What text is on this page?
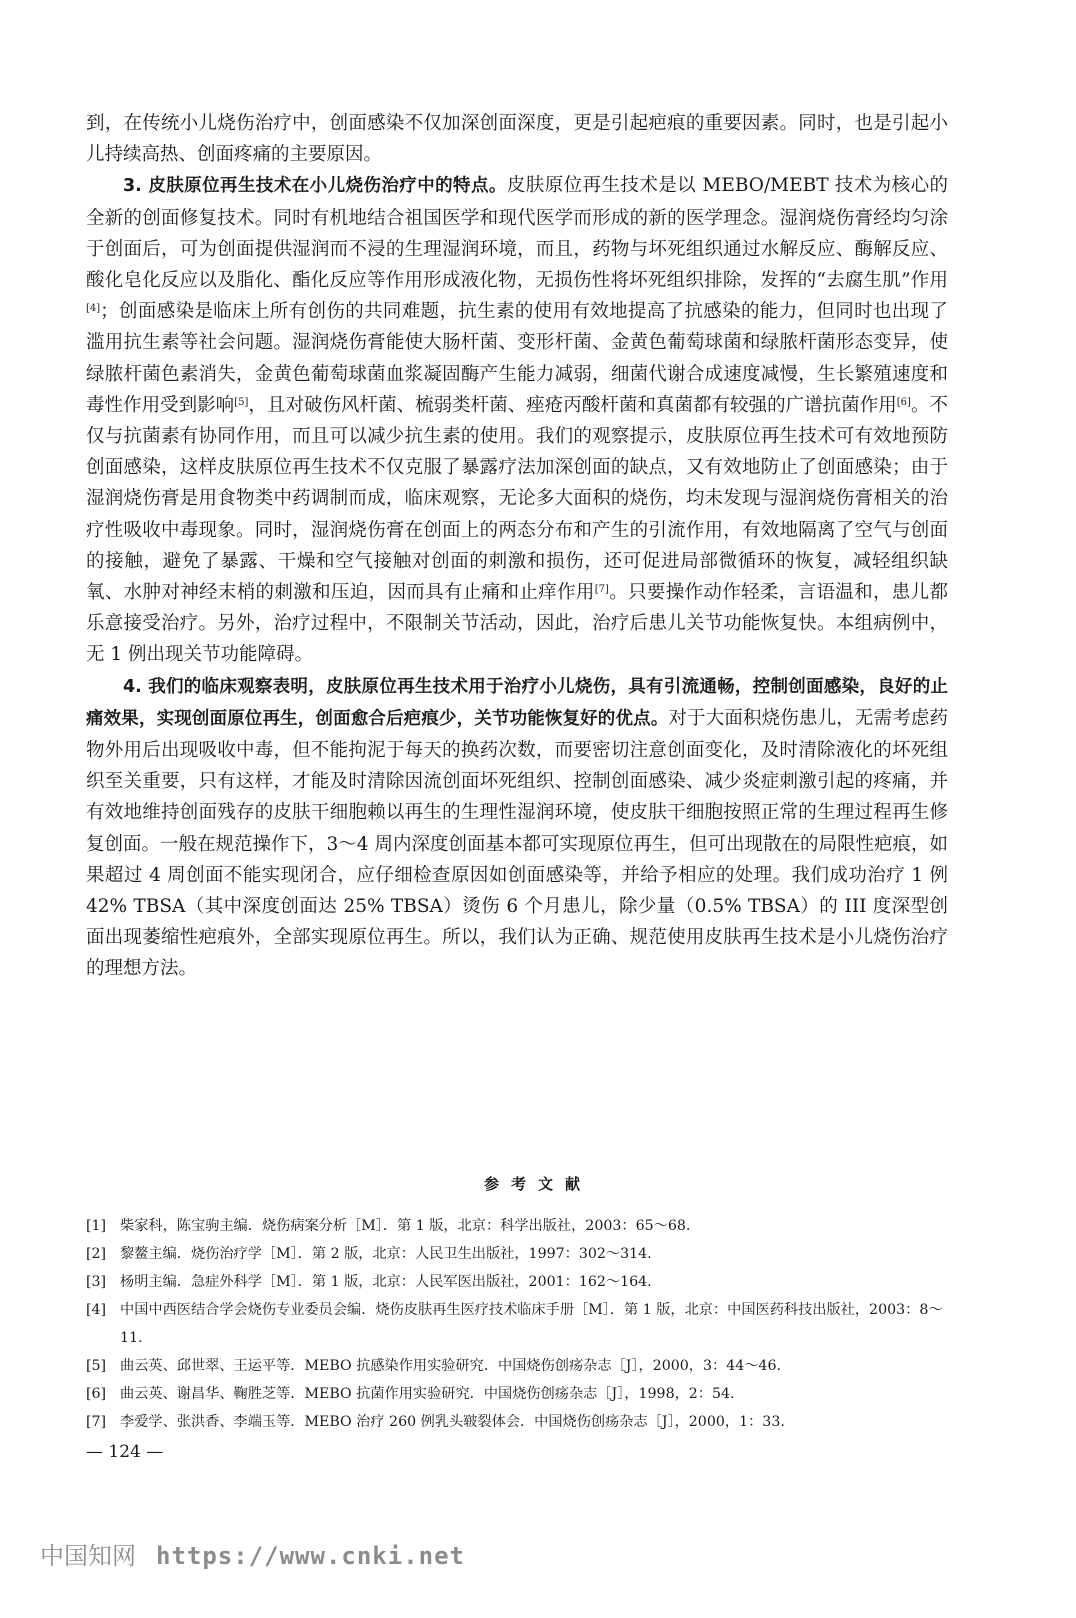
到，在传统小儿烧伤治疗中，创面感染不仅加深创面深度，更是引起疤痕的重要因素。同时，也是引起小儿持续高热、创面疼痛的主要原因。

3. 皮肤原位再生技术在小儿烧伤治疗中的特点。皮肤原位再生技术是以 MEBO/MEBT 技术为核心的全新的创面修复技术。同时有机地结合祖国医学和现代医学而形成的新的医学理念。湿润烧伤膏经均匀涂于创面后，可为创面提供湿润而不浸的生理湿润环境，而且，药物与坏死组织通过水解反应、酶解反应、酸化皂化反应以及脂化、酯化反应等作用形成液化物，无损伤性将坏死组织排除，发挥的“去腐生肌”作用[4]；创面感染是临床上所有创伤的共同难题，抗生素的使用有效地提高了抗感染的能力，但同时也出现了滥用抗生素等社会问题。湿润烧伤膏能使大肠杆菌、变形杆菌、金黄色葡萄球菌和绿脓杆菌形态变异，使绿脓杆菌色素消失，金黄色葡萄球菌血浆凝固酶产生能力减弱，细菌代谢合成速度减慢，生长繁殖速度和毒性作用受到影响[5]，且对破伤风杆菌、梳弱类杆菌、痤疮丙酸杆菌和真菌都有较强的广谱抗菌作用[6]。不仅与抗菌素有协同作用，而且可以减少抗生素的使用。我们的观察提示，皮肤原位再生技术可有效地预防创面感染，这样皮肤原位再生技术不仅克服了暴露疗法加深创面的缺点，又有效地防止了创面感染；由于湿润烧伤膏是用食物类中药调制而成，临床观察，无论多大面积的烧伤，均未发现与湿润烧伤膏相关的治疗性吸收中毒现象。同时，湿润烧伤膏在创面上的两态分布和产生的引流作用，有效地隔离了空气与创面的接触，避免了暴露、干燥和空气接触对创面的刺激和损伤，还可促进局部微循环的恢复，减轻组织缺氧、水肿对神经末梢的刺激和压迫，因而具有止痛和止痒作用[7]。只要操作动作轻柔，言语温和，患儿都乐意接受治疗。另外，治疗过程中，不限制关节活动，因此，治疗后患儿关节功能恢复快。本组病例中，无 1 例出现关节功能障碍。

4. 我们的临床观察表明，皮肤原位再生技术用于治疗小儿烧伤，具有引流通畅，控制创面感染，良好的止痛效果，实现创面原位再生，创面愈合后疤痕少，关节功能恢复好的优点。对于大面积烧伤患儿，无需考虑药物外用后出现吸收中毒，但不能拘泥于每天的换药次数，而要密切注意创面变化，及时清除液化的坏死组织至关重要，只有这样，才能及时清除因流创面坏死组织、控制创面感染、减少炎症刺激引起的疼痛，并有效地维持创面残存的皮肤干细胞赖以再生的生理性湿润环境，使皮肤干细胞按照正常的生理过程再生修复创面。一般在规范操作下，3～4 周内深度创面基本都可实现原位再生，但可出现散在的局限性疤痕，如果超过 4 周创面不能实现闭合，应仔细检查原因如创面感染等，并给予相应的处理。我们成功治疗 1 例 42% TBSA（其中深度创面达 25% TBSA）烫伤 6 个月患儿，除少量（0.5% TBSA）的 III 度深型创面出现萎缩性疤痕外，全部实现原位再生。所以，我们认为正确、规范使用皮肤再生技术是小儿烧伤治疗的理想方法。

参考文献
[1] 柴家科，陈宝驹主编．烧伤病案分析［M］．第 1 版，北京：科学出版社，2003：65～68.
[2] 黎鳌主编．烧伤治疗学［M］．第 2 版，北京：人民卫生出版社，1997：302～314.
[3] 杨明主编．急症外科学［M］．第 1 版，北京：人民军医出版社，2001：162～164.
[4] 中国中西医结合学会烧伤专业委员会编．烧伤皮肤再生医疗技术临床手册［M］．第 1 版，北京：中国医药科技出版社，2003：8～11.
[5] 曲云英、邱世翠、王运平等．MEBO 抗感染作用实验研究．中国烧伤创疡杂志［J］，2000，3：44～46.
[6] 曲云英、谢昌华、鞠胜芝等．MEBO 抗菌作用实验研究．中国烧伤创疡杂志［J］，1998，2：54.
[7] 李爱学、张洪香、李端玉等．MEBO 治疗 260 例乳头皲裂体会．中国烧伤创疡杂志［J］，2000，1：33.
— 124 —
中国知网 https://www.cnki.net
